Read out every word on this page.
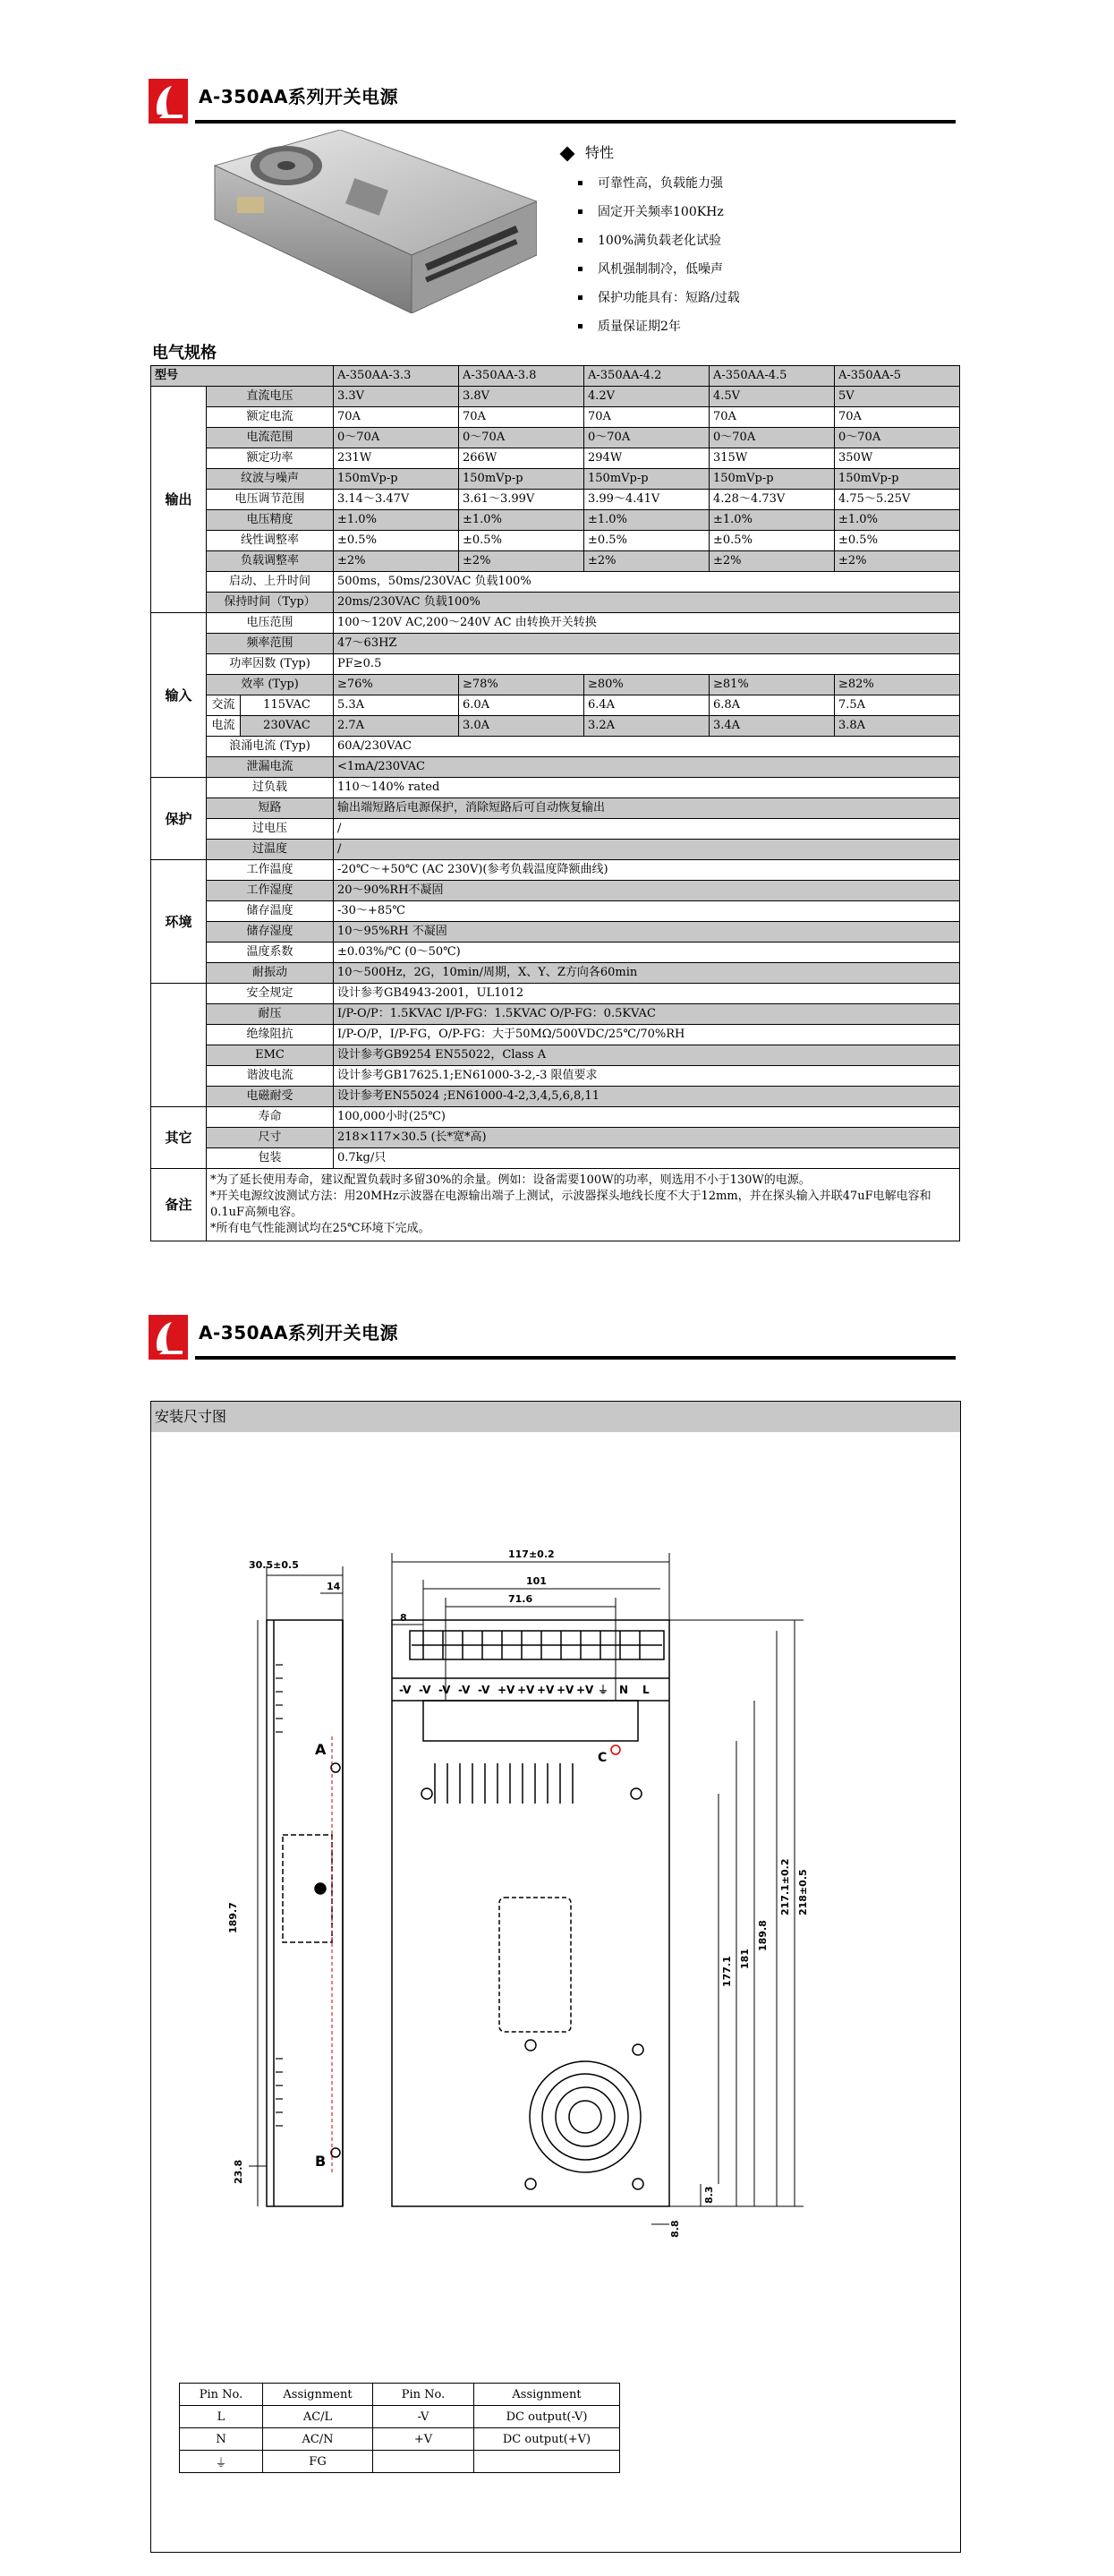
A-350AA系列开关电源
特性
可靠性高，负载能力强
固定开关频率100KHz
100%满负载老化试验
风机强制制冷，低噪声
保护功能具有：短路/过载
质量保证期2年
电气规格
型号			A-350AA-3.3	A-350AA-3.8	A-350AA-4.2	A-350AA-4.5	A-350AA-5
输出	直流电压		3.3V	3.8V	4.2V	4.5V	5V
	额定电流		70A	70A	70A	70A	70A
	电流范围		0～70A	0～70A	0～70A	0～70A	0～70A
	额定功率		231W	266W	294W	315W	350W
	纹波与噪声		150mVp-p	150mVp-p	150mVp-p	150mVp-p	150mVp-p
	电压调节范围		3.14～3.47V	3.61～3.99V	3.99～4.41V	4.28～4.73V	4.75～5.25V
	电压精度		±1.0%	±1.0%	±1.0%	±1.0%	±1.0%
	线性调整率		±0.5%	±0.5%	±0.5%	±0.5%	±0.5%
	负载调整率		±2%	±2%	±2%	±2%	±2%
	启动、上升时间		500ms，50ms/230VAC 负载100%				
	保持时间（Typ）		20ms/230VAC 负载100%				
输入	电压范围		100～120V AC,200～240V AC 由转换开关转换				
	频率范围		47～63HZ				
	功率因数 (Typ)		PF≥0.5				
	效率 (Typ)		≥76%	≥78%	≥80%	≥81%	≥82%
	交流	115VAC	5.3A	6.0A	6.4A	6.8A	7.5A
	电流	230VAC	2.7A	3.0A	3.2A	3.4A	3.8A
	浪涌电流 (Typ)		60A/230VAC				
	泄漏电流		<1mA/230VAC				
保护	过负载		110～140% rated				
	短路		输出端短路后电源保护，消除短路后可自动恢复输出				
	过电压		/				
	过温度		/				
环境	工作温度		-20℃～+50℃ (AC 230V)(参考负载温度降额曲线)				
	工作湿度		20～90%RH不凝固				
	储存温度		-30～+85℃				
	储存湿度		10～95%RH 不凝固				
	温度系数		±0.03%/℃ (0～50℃)				
	耐振动		10～500Hz，2G，10min/周期，X、Y、Z方向各60min				
	安全规定		设计参考GB4943-2001，UL1012				
	耐压		I/P-O/P：1.5KVAC I/P-FG：1.5KVAC O/P-FG：0.5KVAC				
	绝缘阻抗		I/P-O/P，I/P-FG，O/P-FG：大于50MΩ/500VDC/25℃/70%RH				
	EMC		设计参考GB9254 EN55022，Class A				
	谐波电流		设计参考GB17625.1;EN61000-3-2,-3 限值要求				
	电磁耐受		设计参考EN55024 ;EN61000-4-2,3,4,5,6,8,11				
其它	寿命		100,000小时(25℃)				
	尺寸		218×117×30.5 (长*宽*高)				
	包装		0.7kg/只				
备注	*为了延长使用寿命，建议配置负载时多留30%的余量。例如：设备需要100W的功率，则选用不小于130W的电源。
*开关电源纹波测试方法：用20MHz示波器在电源输出端子上测试，示波器探头地线长度不大于12mm，并在探头输入并联47uF电解电容和0.1uF高频电容。
*所有电气性能测试均在25℃环境下完成。						
A-350AA系列开关电源
安装尺寸图
A
B
30.5±0.5
14
189.7
23.8
-V -V -V -V -V +V +V +V +V +V ⏚ N L
C
117±0.2
101
71.6
8
218±0.5
217.1±0.2
189.8
181
177.1
8.3
8.8
Pin No.	Assignment	Pin No.	Assignment
L	AC/L	-V	DC output(-V)
N	AC/N	+V	DC output(+V)
⏚	FG		
